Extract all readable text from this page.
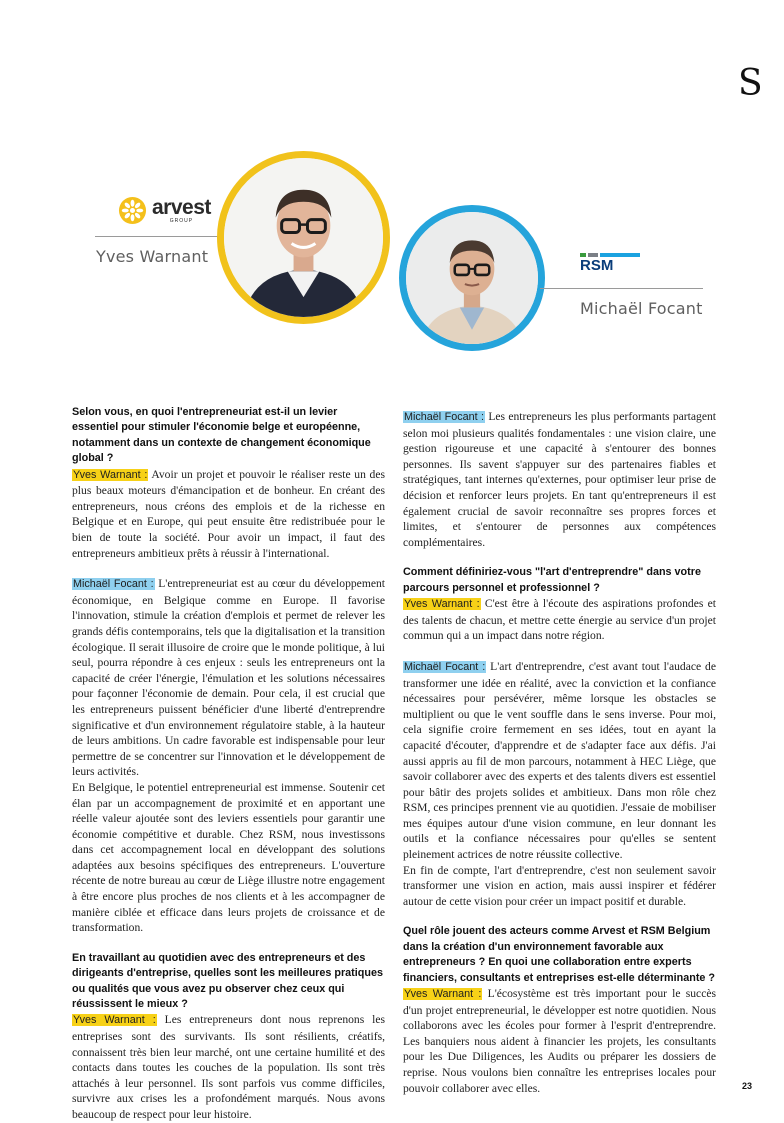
S
arvest
GROUP
Yves Warnant	RSM
Michaël Focant

Selon vous, en quoi l'entrepreneuriat est-il un levier essentiel pour stimuler l'économie belge et européenne, notamment dans un contexte de changement économique global ?

Yves Warnant : Avoir un projet et pouvoir le réaliser reste un des plus beaux moteurs d'émancipation et de bonheur. En créant des entrepreneurs, nous créons des emplois et de la richesse en Belgique et en Europe, qui peut ensuite être redistribuée pour le bien de toute la société. Pour avoir un impact, il faut des entrepreneurs ambitieux prêts à réussir à l'international.

Michaël Focant : L'entrepreneuriat est au cœur du développement économique, en Belgique comme en Europe. Il favorise l'innovation, stimule la création d'emplois et permet de relever les grands défis contemporains, tels que la digitalisation et la transition écologique. Il serait illusoire de croire que le monde politique, à lui seul, pourra répondre à ces enjeux : seuls les entrepreneurs ont la capacité de créer l'énergie, l'émulation et les solutions nécessaires pour façonner l'économie de demain. Pour cela, il est crucial que les entrepreneurs puissent bénéficier d'une liberté d'entreprendre significative et d'un environnement régulatoire stable, à la hauteur de leurs ambitions. Un cadre favorable est indispensable pour leur permettre de se concentrer sur l'innovation et le développement de leurs activités.

En Belgique, le potentiel entrepreneurial est immense. Soutenir cet élan par un accompagnement de proximité et en apportant une réelle valeur ajoutée sont des leviers essentiels pour garantir une économie compétitive et durable. Chez RSM, nous investissons dans cet accompagnement local en développant des solutions adaptées aux besoins spécifiques des entrepreneurs. L'ouverture récente de notre bureau au cœur de Liège illustre notre engagement à être encore plus proches de nos clients et à les accompagner de manière ciblée et efficace dans leurs projets de croissance et de transformation.

En travaillant au quotidien avec des entrepreneurs et des dirigeants d'entreprise, quelles sont les meilleures pratiques ou qualités que vous avez pu observer chez ceux qui réussissent le mieux ?

Yves Warnant : Les entrepreneurs dont nous reprenons les entreprises sont des survivants. Ils sont résilients, créatifs, connaissent très bien leur marché, ont une certaine humilité et des contacts dans toutes les couches de la population. Ils sont très attachés à leur personnel. Ils sont parfois vus comme difficiles, survivre aux crises les a profondément marqués. Nous avons beaucoup de respect pour leur histoire.

Michaël Focant : Les entrepreneurs les plus performants partagent selon moi plusieurs qualités fondamentales : une vision claire, une gestion rigoureuse et une capacité à s'entourer des bonnes personnes. Ils savent s'appuyer sur des partenaires fiables et stratégiques, tant internes qu'externes, pour optimiser leur prise de décision et renforcer leurs projets. En tant qu'entrepreneurs il est également crucial de savoir reconnaître ses propres forces et limites, et s'entourer de personnes aux compétences complémentaires.

Comment définiriez-vous "l'art d'entreprendre" dans votre parcours personnel et professionnel ?

Yves Warnant : C'est être à l'écoute des aspirations profondes et des talents de chacun, et mettre cette énergie au service d'un projet commun qui a un impact dans notre région.

Michaël Focant : L'art d'entreprendre, c'est avant tout l'audace de transformer une idée en réalité, avec la conviction et la confiance nécessaires pour persévérer, même lorsque les obstacles se multiplient ou que le vent souffle dans le sens inverse. Pour moi, cela signifie croire fermement en ses idées, tout en ayant la capacité d'écouter, d'apprendre et de s'adapter face aux défis. J'ai aussi appris au fil de mon parcours, notamment à HEC Liège, que savoir collaborer avec des experts et des talents divers est essentiel pour bâtir des projets solides et ambitieux. Dans mon rôle chez RSM, ces principes prennent vie au quotidien. J'essaie de mobiliser mes équipes autour d'une vision commune, en leur donnant les outils et la confiance nécessaires pour qu'elles se sentent pleinement actrices de notre réussite collective.

En fin de compte, l'art d'entreprendre, c'est non seulement savoir transformer une vision en action, mais aussi inspirer et fédérer autour de cette vision pour créer un impact positif et durable.

Quel rôle jouent des acteurs comme Arvest et RSM Belgium dans la création d'un environnement favorable aux entrepreneurs ? En quoi une collaboration entre experts financiers, consultants et entreprises est-elle déterminante ?

Yves Warnant : L'écosystème est très important pour le succès d'un projet entrepreneurial, le développer est notre quotidien. Nous collaborons avec les écoles pour former à l'esprit d'entreprendre. Les banquiers nous aident à financier les projets, les consultants pour les Due Diligences, les Audits ou préparer les dossiers de reprise. Nous voulons bien connaître les entreprises locales pour pouvoir collaborer avec elles.	23
